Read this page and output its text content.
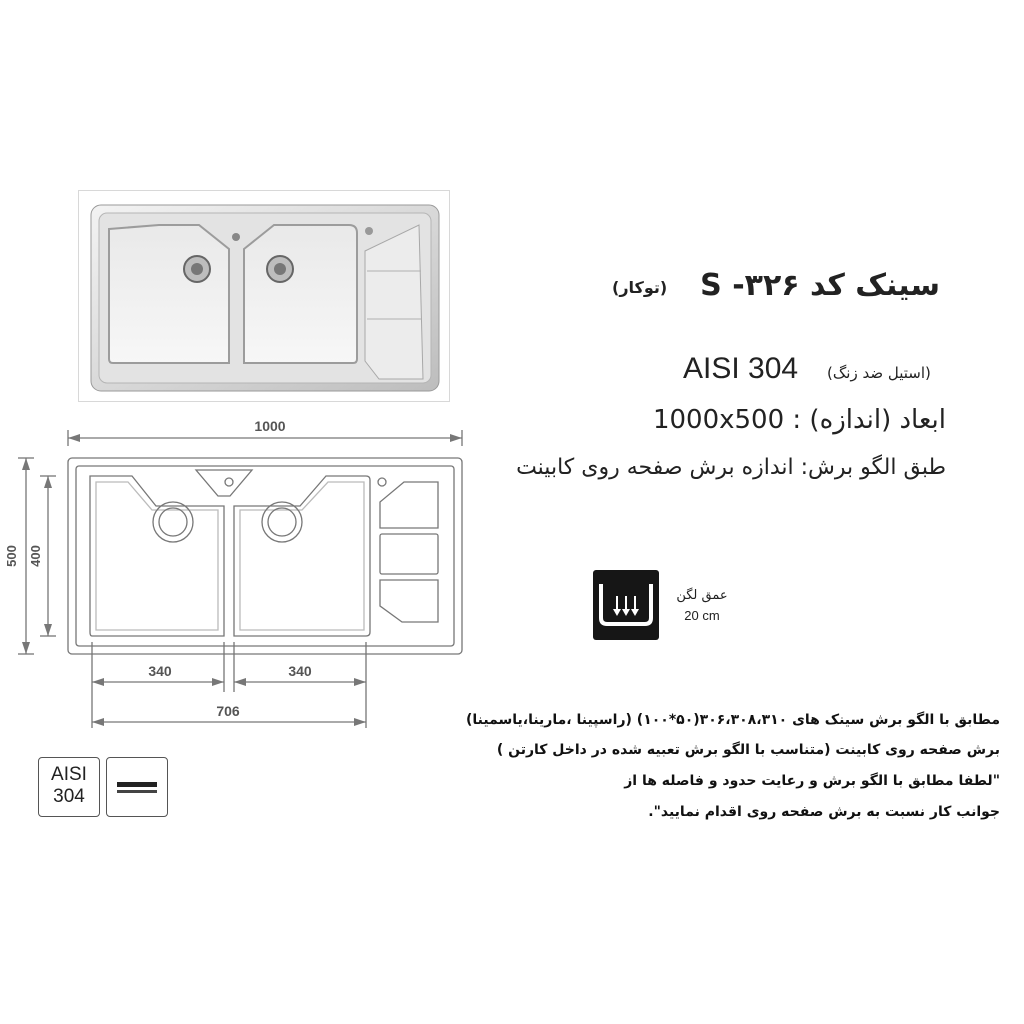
سینک کد S -۳۲۶
(توکار)
AISI 304 (استیل ضد زنگ)
1000x500 : ابعاد (اندازه)
طبق الگو برش: اندازه برش صفحه روی کابینت
1000
500 400
340	340
706
عمق لگن
20 cm
مطابق با الگو برش سینک های ۳۰۶،۳۰۸،۳۱۰(۵۰*۱۰۰) (راسپینا ،مارینا،یاسمینا)
برش صفحه روی کابینت (متناسب با الگو برش تعبیه شده در داخل کارتن )
"لطفا مطابق با الگو برش و رعایت حدود و فاصله ها از
جوانب کار نسبت به برش صفحه روی اقدام نمایید".
AISI
304
